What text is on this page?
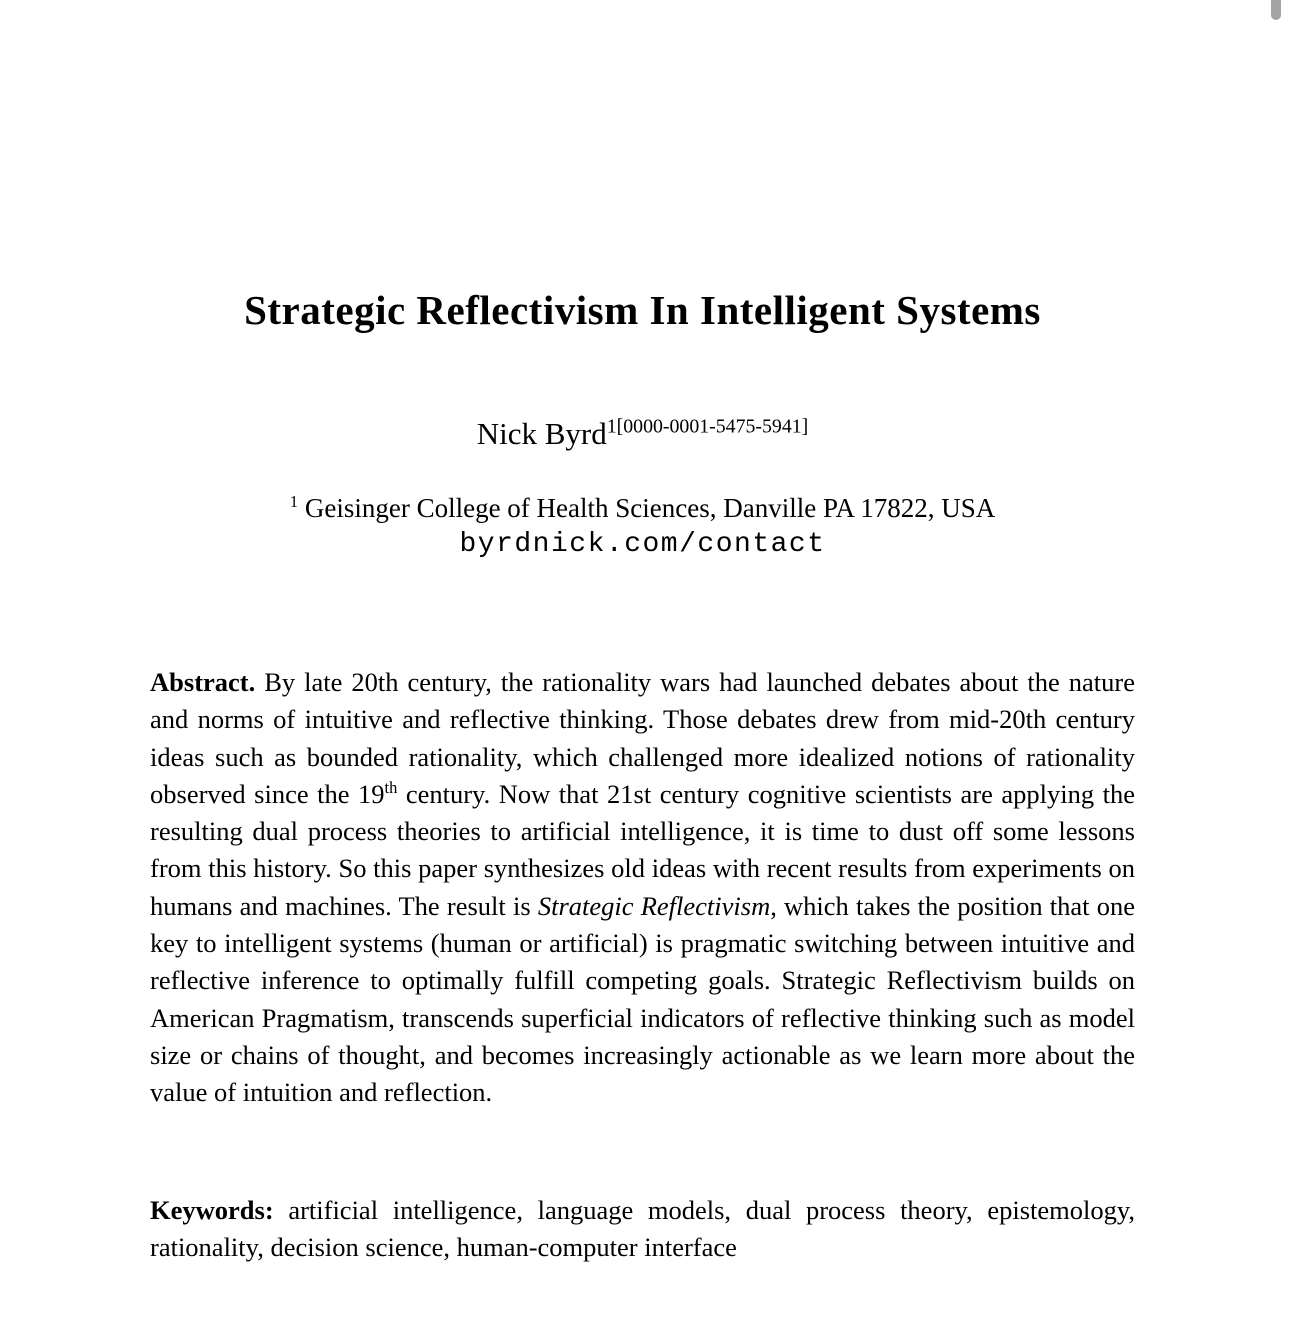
Strategic Reflectivism In Intelligent Systems
Nick Byrd$^{1[0000-0001-5475-5941]}$
$^1$ Geisinger College of Health Sciences, Danville PA 17822, USA
byrdnick.com/contact

Abstract. By late 20th century, the rationality wars had launched debates about the nature and norms of intuitive and reflective thinking. Those debates drew from mid-20th century ideas such as bounded rationality, which challenged more idealized notions of rationality observed since the 19th century. Now that 21st century cognitive scientists are applying the resulting dual process theories to artificial intelligence, it is time to dust off some lessons from this history. So this paper synthesizes old ideas with recent results from experiments on humans and machines. The result is Strategic Reflectivism, which takes the position that one key to intelligent systems (human or artificial) is pragmatic switching between intuitive and reflective inference to optimally fulfill competing goals. Strategic Reflectivism builds on American Pragmatism, transcends superficial indicators of reflective thinking such as model size or chains of thought, and becomes increasingly actionable as we learn more about the value of intuition and reflection.

Keywords: artificial intelligence, language models, dual process theory, epistemology, rationality, decision science, human-computer interface
